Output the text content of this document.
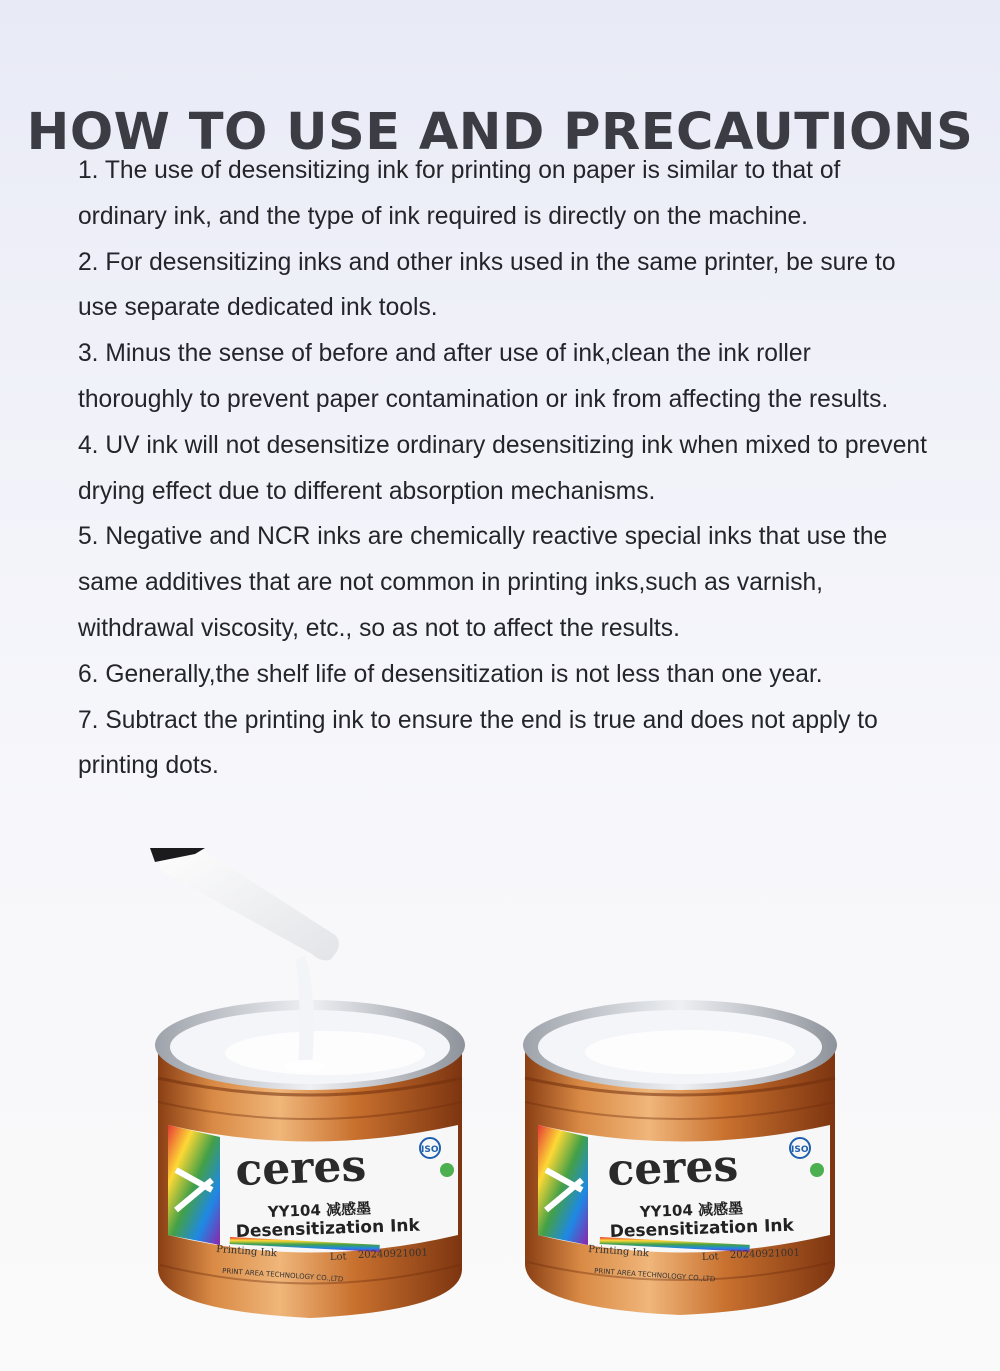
HOW TO USE AND PRECAUTIONS

1. The use of desensitizing ink for printing on paper is similar to that of ordinary ink, and the type of ink required is directly on the machine.

2. For desensitizing inks and other inks used in the same printer, be sure to use separate dedicated ink tools.

3. Minus the sense of before and after use of ink,clean the ink roller thoroughly to prevent paper contamination or ink from affecting the results.

4. UV ink will not desensitize ordinary desensitizing ink when mixed to prevent drying effect due to different absorption mechanisms.

5. Negative and NCR inks are chemically reactive special inks that use the same additives that are not common in printing inks,such as varnish, withdrawal viscosity, etc., so as not to affect the results.

6. Generally,the shelf life of desensitization is not less than one year.

7. Subtract the printing ink to ensure the end is true and does not apply to printing dots.

ceres
YY104 减感墨
Desensitization Ink
Printing Ink	Lot 20240921001
PRINT AREA TECHNOLOGY CO.,LTD
ISO	ceres
YY104 减感墨
Desensitization Ink
Printing Ink	Lot 20240921001
PRINT AREA TECHNOLOGY CO.,LTD
ISO
